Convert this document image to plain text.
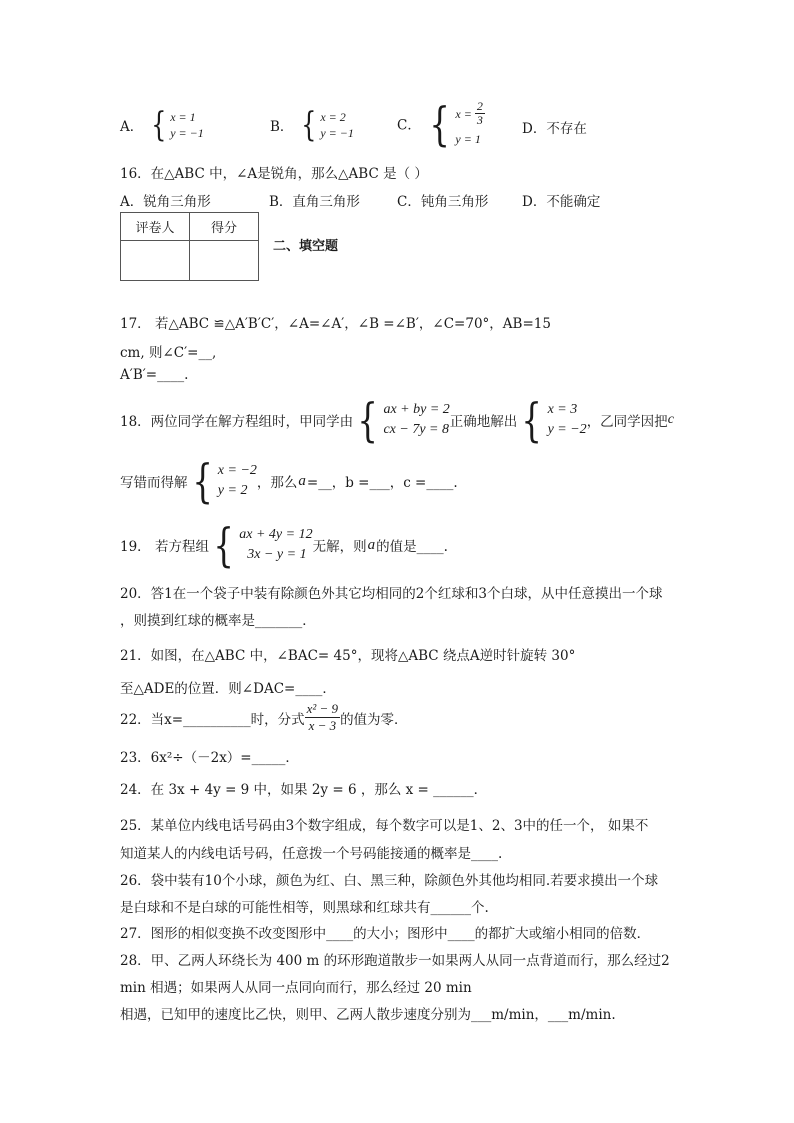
A． { x = 1
y = −1	B． { x = 2
y = −1	C． { $x = \frac{2}{3}$
y = 1
D．不存在
16．在△ABC 中，∠A是锐角，那么△ABC 是（ ）
A．锐角三角形	B．直角三角形	C．钝角三角形 D．不能确定
评卷人	得分

二、填空题
17． 若△ABC ≌△A′B′C′，∠A=∠A′，∠B =∠B′，∠C=70°，AB=15
cm, 则∠C′=__,
A′B′=____.
18．两位同学在解方程组时，甲同学由 { ax + by = 2
cx − 7y = 8 正确地解出 { x = 3
y = −2 ，乙同学因把 c
写错而得解 { x = −2
y = 2 ，那么 a =__，b =___，c =____.
19． 若方程组 { ax + 4y = 12
3x − y = 1 无解，则 a 的值是____.
20．答1在一个袋子中装有除颜色外其它均相同的2个红球和3个白球，从中任意摸出一个球
，则摸到红球的概率是_______．
21．如图，在△ABC 中，∠BAC= 45°，现将△ABC 绕点A逆时针旋转 30°
至△ADE的位置．则∠DAC=____．
22．当x=__________时，分式 $\frac{\text{x² − 9}}{x - 3}$ 的值为零．
23．6x²÷（－2x）=_____．
24．在 3x + 4y = 9 中，如果 2y = 6 ，那么 x = ______．
25．某单位内线电话号码由3个数字组成，每个数字可以是1、2、3中的任一个， 如果不
知道某人的内线电话号码，任意拨一个号码能接通的概率是____.
26．袋中装有10个小球，颜色为红、白、黑三种，除颜色外其他均相同.若要求摸出一个球
是白球和不是白球的可能性相等，则黑球和红球共有______个.
27．图形的相似变换不改变图形中____的大小；图形中____的都扩大或缩小相同的倍数．
28．甲、乙两人环绕长为 400 m 的环形跑道散步一如果两人从同一点背道而行，那么经过2
min 相遇；如果两人从同一点同向而行，那么经过 20 min
相遇，已知甲的速度比乙快，则甲、乙两人散步速度分别为___m/min，___m/min.
